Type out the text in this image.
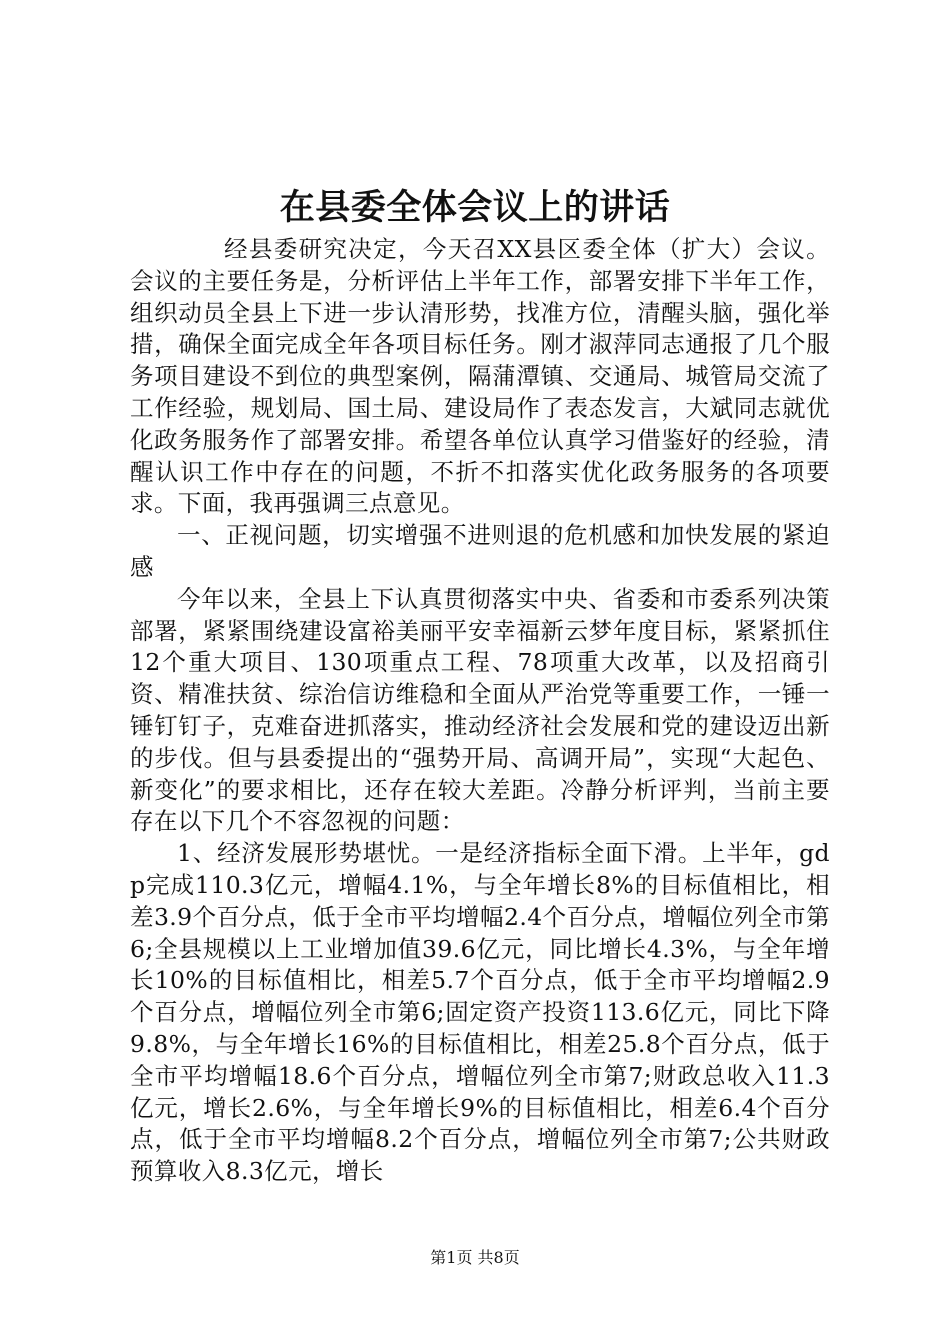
在县委全体会议上的讲话

经县委研究决定，今天召XX县区委全体（扩大）会议。会议的主要任务是，分析评估上半年工作，部署安排下半年工作，组织动员全县上下进一步认清形势，找准方位，清醒头脑，强化举措，确保全面完成全年各项目标任务。刚才淑萍同志通报了几个服务项目建设不到位的典型案例，隔蒲潭镇、交通局、城管局交流了工作经验，规划局、国土局、建设局作了表态发言，大斌同志就优化政务服务作了部署安排。希望各单位认真学习借鉴好的经验，清醒认识工作中存在的问题，不折不扣落实优化政务服务的各项要求。下面，我再强调三点意见。

一、正视问题，切实增强不进则退的危机感和加快发展的紧迫感

今年以来，全县上下认真贯彻落实中央、省委和市委系列决策部署，紧紧围绕建设富裕美丽平安幸福新云梦年度目标，紧紧抓住12个重大项目、130项重点工程、78项重大改革，以及招商引资、精准扶贫、综治信访维稳和全面从严治党等重要工作，一锤一锤钉钉子，克难奋进抓落实，推动经济社会发展和党的建设迈出新的步伐。但与县委提出的“强势开局、高调开局”，实现“大起色、新变化”的要求相比，还存在较大差距。冷静分析评判，当前主要存在以下几个不容忽视的问题：

1、经济发展形势堪忧。一是经济指标全面下滑。上半年，gdp完成110.3亿元，增幅4.1%，与全年增长8%的目标值相比，相差3.9个百分点，低于全市平均增幅2.4个百分点，增幅位列全市第6;全县规模以上工业增加值39.6亿元，同比增长4.3%，与全年增长10%的目标值相比，相差5.7个百分点，低于全市平均增幅2.9个百分点，增幅位列全市第6;固定资产投资113.6亿元，同比下降9.8%，与全年增长16%的目标值相比，相差25.8个百分点，低于全市平均增幅18.6个百分点，增幅位列全市第7;财政总收入11.3亿元，增长2.6%，与全年增长9%的目标值相比，相差6.4个百分点，低于全市平均增幅8.2个百分点，增幅位列全市第7;公共财政预算收入8.3亿元，增长

第1页 共8页
